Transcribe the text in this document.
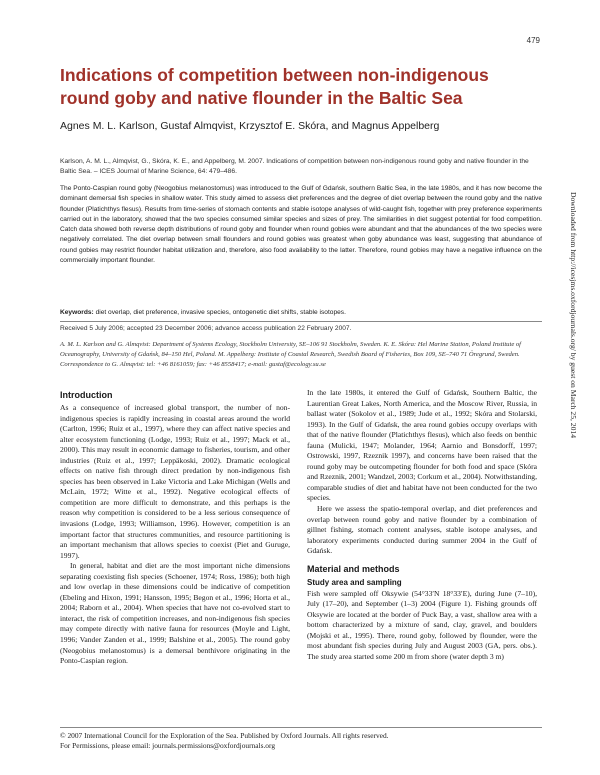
479
Indications of competition between non-indigenous round goby and native flounder in the Baltic Sea
Agnes M. L. Karlson, Gustaf Almqvist, Krzysztof E. Skóra, and Magnus Appelberg
Karlson, A. M. L., Almqvist, G., Skóra, K. E., and Appelberg, M. 2007. Indications of competition between non-indigenous round goby and native flounder in the Baltic Sea. – ICES Journal of Marine Science, 64: 479–486.

The Ponto-Caspian round goby (Neogobius melanostomus) was introduced to the Gulf of Gdańsk, southern Baltic Sea, in the late 1980s, and it has now become the dominant demersal fish species in shallow water. This study aimed to assess diet preferences and the degree of diet overlap between the round goby and the native flounder (Platichthys flesus). Results from time-series of stomach contents and stable isotope analyses of wild-caught fish, together with prey preference experiments carried out in the laboratory, showed that the two species consumed similar species and sizes of prey. The similarities in diet suggest potential for food competition. Catch data showed both reverse depth distributions of round goby and flounder when round gobies were abundant and that the abundances of the two species were negatively correlated. The diet overlap between small flounders and round gobies was greatest when goby abundance was least, suggesting that abundance of round gobies may restrict flounder habitat utilization and, therefore, also food availability to the latter. Therefore, round gobies may have a negative influence on the commercially important flounder.

Keywords: diet overlap, diet preference, invasive species, ontogenetic diet shifts, stable isotopes.
Received 5 July 2006; accepted 23 December 2006; advance access publication 22 February 2007.

A. M. L. Karlson and G. Almqvist: Department of Systems Ecology, Stockholm University, SE–106 91 Stockholm, Sweden. K. E. Skóra: Hel Marine Station, Poland Institute of Oceanography, University of Gdańsk, 84–150 Hel, Poland. M. Appelberg: Institute of Coastal Research, Swedish Board of Fisheries, Box 109, SE–740 71 Öregrund, Sweden. Correspondence to G. Almqvist: tel: +46 8161059; fax: +46 8558417; e-mail: gustaf@ecology.su.se

Introduction

As a consequence of increased global transport, the number of non-indigenous species is rapidly increasing in coastal areas around the world (Carlton, 1996; Ruiz et al., 1997), where they can affect native species and alter ecosystem functioning (Lodge, 1993; Ruiz et al., 1997; Mack et al., 2000). This may result in economic damage to fisheries, tourism, and other industries (Ruiz et al., 1997; Leppäkoski, 2002). Dramatic ecological effects on native fish through direct predation by non-indigenous fish species has been observed in Lake Victoria and Lake Michigan (Wells and McLain, 1972; Witte et al., 1992). Negative ecological effects of competition are more difficult to demonstrate, and this perhaps is the reason why competition is considered to be a less serious consequence of invasions (Lodge, 1993; Williamson, 1996). However, competition is an important factor that structures communities, and resource partitioning is an important mechanism that allows species to coexist (Piet and Guruge, 1997).

In general, habitat and diet are the most important niche dimensions separating coexisting fish species (Schoener, 1974; Ross, 1986); both high and low overlap in these dimensions could be indicative of competition (Ebeling and Hixon, 1991; Hansson, 1995; Begon et al., 1996; Horta et al., 2004; Raborn et al., 2004). When species that have not co-evolved start to interact, the risk of competition increases, and non-indigenous fish species may compete directly with native fauna for resources (Moyle and Light, 1996; Vander Zanden et al., 1999; Balshine et al., 2005). The round goby (Neogobius melanostomus) is a demersal benthivore originating in the Ponto-Caspian region.

In the late 1980s, it entered the Gulf of Gdańsk, Southern Baltic, the Laurentian Great Lakes, North America, and the Moscow River, Russia, in ballast water (Sokolov et al., 1989; Jude et al., 1992; Skóra and Stolarski, 1993). In the Gulf of Gdańsk, the area round gobies occupy overlaps with that of the native flounder (Platichthys flesus), which also feeds on benthic fauna (Mulicki, 1947; Molander, 1964; Aarnio and Bonsdorff, 1997; Ostrowski, 1997, Rzeznik 1997), and concerns have been raised that the round goby may be outcompeting flounder for both food and space (Skóra and Rzeznik, 2001; Wandzel, 2003; Corkum et al., 2004). Notwithstanding, comparable studies of diet and habitat have not been conducted for the two species.

Here we assess the spatio-temporal overlap, and diet preferences and overlap between round goby and native flounder by a combination of gillnet fishing, stomach content analyses, stable isotope analyses, and laboratory experiments conducted during summer 2004 in the Gulf of Gdańsk.

Material and methods
Study area and sampling

Fish were sampled off Oksywie (54°33′N 18°33′E), during June (7–10), July (17–20), and September (1–3) 2004 (Figure 1). Fishing grounds off Oksywie are located at the border of Puck Bay, a vast, shallow area with a bottom characterized by a mixture of sand, clay, gravel, and boulders (Mojski et al., 1995). There, round goby, followed by flounder, were the most abundant fish species during July and August 2003 (GA, pers. obs.). The study area started some 200 m from shore (water depth 3 m)

© 2007 International Council for the Exploration of the Sea. Published by Oxford Journals. All rights reserved.
For Permissions, please email: journals.permissions@oxfordjournals.org
Downloaded from http://icesjms.oxfordjournals.org/ by guest on March 25, 2014
